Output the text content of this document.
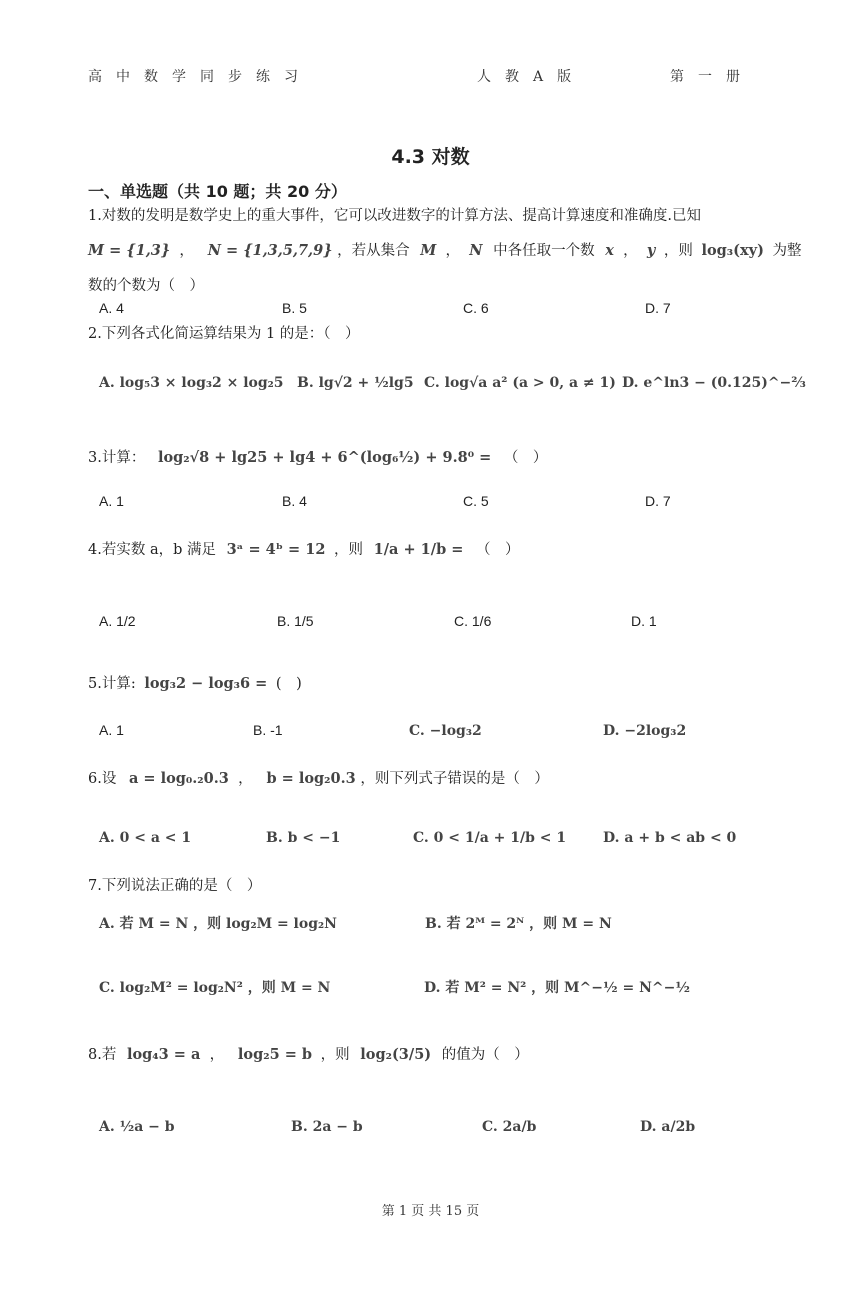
高　中　数　学　同　步　练　习	人　教　A　版	第　一　册
4.3 对数
一、单选题（共 10 题；共 20 分）
1.对数的发明是数学史上的重大事件，它可以改进数字的计算方法、提高计算速度和准确度.已知
M = {1,3}  ，   N = {1,3,5,7,9} ，若从集合 M  ，  N 中各任取一个数 x  ，  y ，则 log₃(xy) 为整
数的个数为（　）
A. 4	B. 5	C. 6	D. 7
2.下列各式化简运算结果为 1 的是：（　）
A. log₅3 × log₃2 × log₂5 B. lg√2 + ½lg5 C. log√a a² (a > 0, a ≠ 1) D. e^ln3 − (0.125)^−⅔
3.计算： log₂√8 + lg25 + lg4 + 6^(log₆½) + 9.8⁰ = （　）
A. 1	B. 4	C. 5	D. 7
4.若实数 a，b 满足 3ᵃ = 4ᵇ = 12 ，则 1/a + 1/b = （　）
A. 1/2	B. 1/5	C. 1/6	D. 1
5.计算: log₃2 − log₃6 = (　)
A. 1	B. -1	C. −log₃2	D. −2log₃2
6.设 a = log₀.₂0.3  ，   b = log₂0.3 ，则下列式子错误的是（　）
A. 0 < a < 1	B. b < −1	C. 0 < 1/a + 1/b < 1	D. a + b < ab < 0
7.下列说法正确的是（　）
A. 若 M = N ，则 log₂M = log₂N	B. 若 2ᴹ = 2ᴺ ，则 M = N
C. log₂M² = log₂N² ，则 M = N	D. 若 M² = N² ，则 M^−½ = N^−½
8.若 log₄3 = a  ，   log₂5 = b ，则 log₂(3/5) 的值为（　）
A. ½a − b	B. 2a − b	C. 2a/b	D. a/2b
第 1 页 共 15 页
